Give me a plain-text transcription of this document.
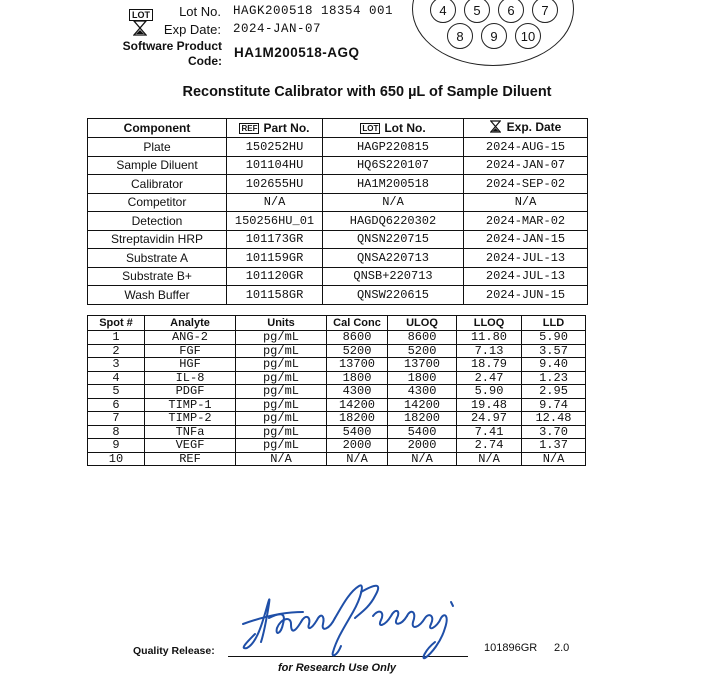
LOT	Lot No. HAGK200518 18354 001
Exp Date: 2024-JAN-07
Software Product
Code:
HA1M200518-AGQ
4	5	6	7
8	9	10
Reconstitute Calibrator with 650 µL of Sample Diluent
Component	REF Part No.	LOT Lot No.	Exp. Date
Plate	150252HU	HAGP220815	2024-AUG-15
Sample Diluent	101104HU	HQ6S220107	2024-JAN-07
Calibrator	102655HU	HA1M200518	2024-SEP-02
Competitor	N/A	N/A	N/A
Detection	150256HU_01	HAGDQ6220302	2024-MAR-02
Streptavidin HRP	101173GR	QNSN220715	2024-JAN-15
Substrate A	101159GR	QNSA220713	2024-JUL-13
Substrate B+	101120GR	QNSB+220713	2024-JUL-13
Wash Buffer	101158GR	QNSW220615	2024-JUN-15
Spot #	Analyte	Units	Cal Conc	ULOQ	LLOQ	LLD
1	ANG-2	pg/mL	8600	8600	11.80	5.90
2	FGF	pg/mL	5200	5200	7.13	3.57
3	HGF	pg/mL	13700	13700	18.79	9.40
4	IL-8	pg/mL	1800	1800	2.47	1.23
5	PDGF	pg/mL	4300	4300	5.90	2.95
6	TIMP-1	pg/mL	14200	14200	19.48	9.74
7	TIMP-2	pg/mL	18200	18200	24.97	12.48
8	TNFa	pg/mL	5400	5400	7.41	3.70
9	VEGF	pg/mL	2000	2000	2.74	1.37
10	REF	N/A	N/A	N/A	N/A	N/A
Quality Release:
for Research Use Only
101896GR 2.0
